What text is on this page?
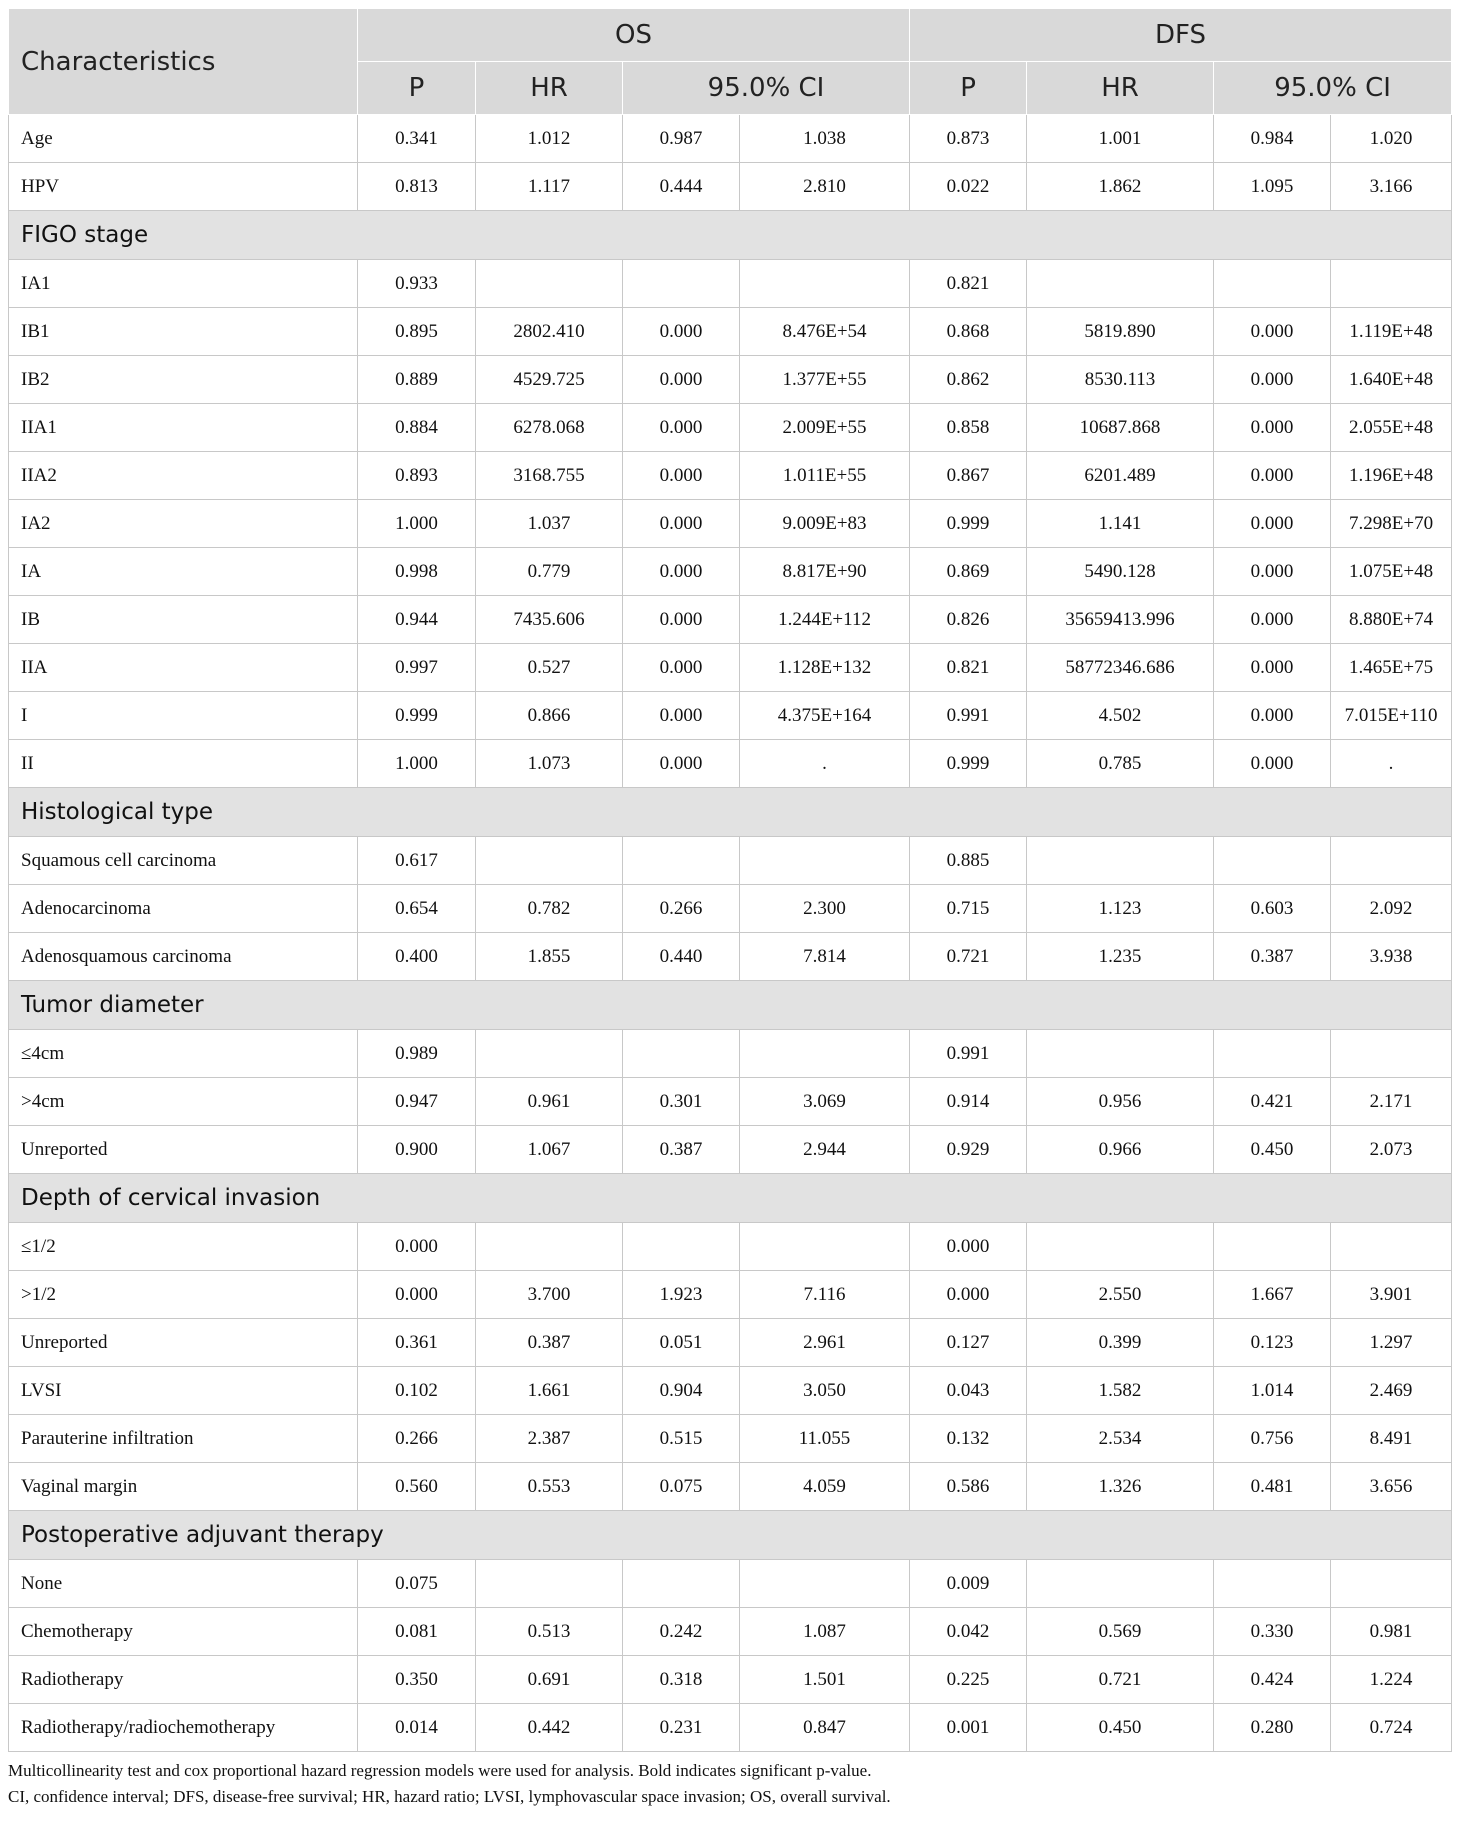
Characteristics	OS				DFS			
	P	HR	95.0% CI		P	HR	95.0% CI	
Age	0.341	1.012	0.987	1.038	0.873	1.001	0.984	1.020
HPV	0.813	1.117	0.444	2.810	0.022	1.862	1.095	3.166
FIGO stage								
IA1	0.933				0.821			
IB1	0.895	2802.410	0.000	8.476E+54	0.868	5819.890	0.000	1.119E+48
IB2	0.889	4529.725	0.000	1.377E+55	0.862	8530.113	0.000	1.640E+48
IIA1	0.884	6278.068	0.000	2.009E+55	0.858	10687.868	0.000	2.055E+48
IIA2	0.893	3168.755	0.000	1.011E+55	0.867	6201.489	0.000	1.196E+48
IA2	1.000	1.037	0.000	9.009E+83	0.999	1.141	0.000	7.298E+70
IA	0.998	0.779	0.000	8.817E+90	0.869	5490.128	0.000	1.075E+48
IB	0.944	7435.606	0.000	1.244E+112	0.826	35659413.996	0.000	8.880E+74
IIA	0.997	0.527	0.000	1.128E+132	0.821	58772346.686	0.000	1.465E+75
I	0.999	0.866	0.000	4.375E+164	0.991	4.502	0.000	7.015E+110
II	1.000	1.073	0.000	.	0.999	0.785	0.000	.
Histological type								
Squamous cell carcinoma	0.617				0.885			
Adenocarcinoma	0.654	0.782	0.266	2.300	0.715	1.123	0.603	2.092
Adenosquamous carcinoma	0.400	1.855	0.440	7.814	0.721	1.235	0.387	3.938
Tumor diameter								
≤4cm	0.989				0.991			
>4cm	0.947	0.961	0.301	3.069	0.914	0.956	0.421	2.171
Unreported	0.900	1.067	0.387	2.944	0.929	0.966	0.450	2.073
Depth of cervical invasion								
≤1/2	0.000				0.000			
>1/2	0.000	3.700	1.923	7.116	0.000	2.550	1.667	3.901
Unreported	0.361	0.387	0.051	2.961	0.127	0.399	0.123	1.297
LVSI	0.102	1.661	0.904	3.050	0.043	1.582	1.014	2.469
Parauterine infiltration	0.266	2.387	0.515	11.055	0.132	2.534	0.756	8.491
Vaginal margin	0.560	0.553	0.075	4.059	0.586	1.326	0.481	3.656
Postoperative adjuvant therapy								
None	0.075				0.009			
Chemotherapy	0.081	0.513	0.242	1.087	0.042	0.569	0.330	0.981
Radiotherapy	0.350	0.691	0.318	1.501	0.225	0.721	0.424	1.224
Radiotherapy/radiochemotherapy	0.014	0.442	0.231	0.847	0.001	0.450	0.280	0.724
Multicollinearity test and cox proportional hazard regression models were used for analysis. Bold indicates significant p-value.
CI, confidence interval; DFS, disease-free survival; HR, hazard ratio; LVSI, lymphovascular space invasion; OS, overall survival.
